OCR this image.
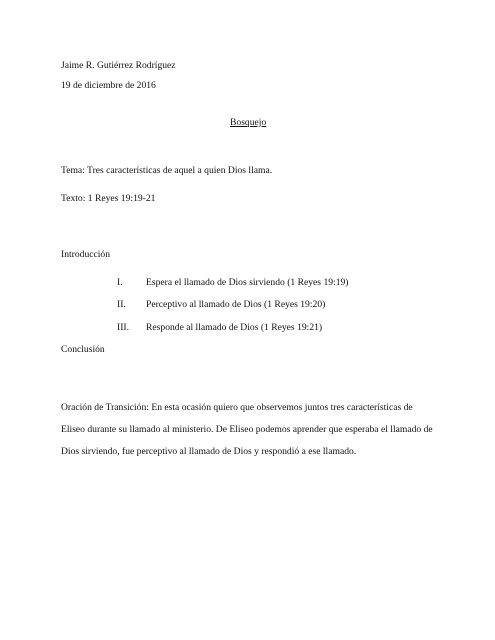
Jaime R. Gutiérrez Rodríguez
19 de diciembre de 2016
Bosquejo
Tema: Tres características de aquel a quien Dios llama.
Texto: 1 Reyes 19:19-21
Introducción
I. Espera el llamado de Dios sirviendo (1 Reyes 19:19)
II. Perceptivo al llamado de Dios (1 Reyes 19:20)
III. Responde al llamado de Dios (1 Reyes 19:21)
Conclusión
Oración de Transición: En esta ocasión quiero que observemos juntos tres características de
Eliseo durante su llamado al ministerio. De Eliseo podemos aprender que esperaba el llamado de
Dios sirviendo, fue perceptivo al llamado de Dios y respondió a ese llamado.
